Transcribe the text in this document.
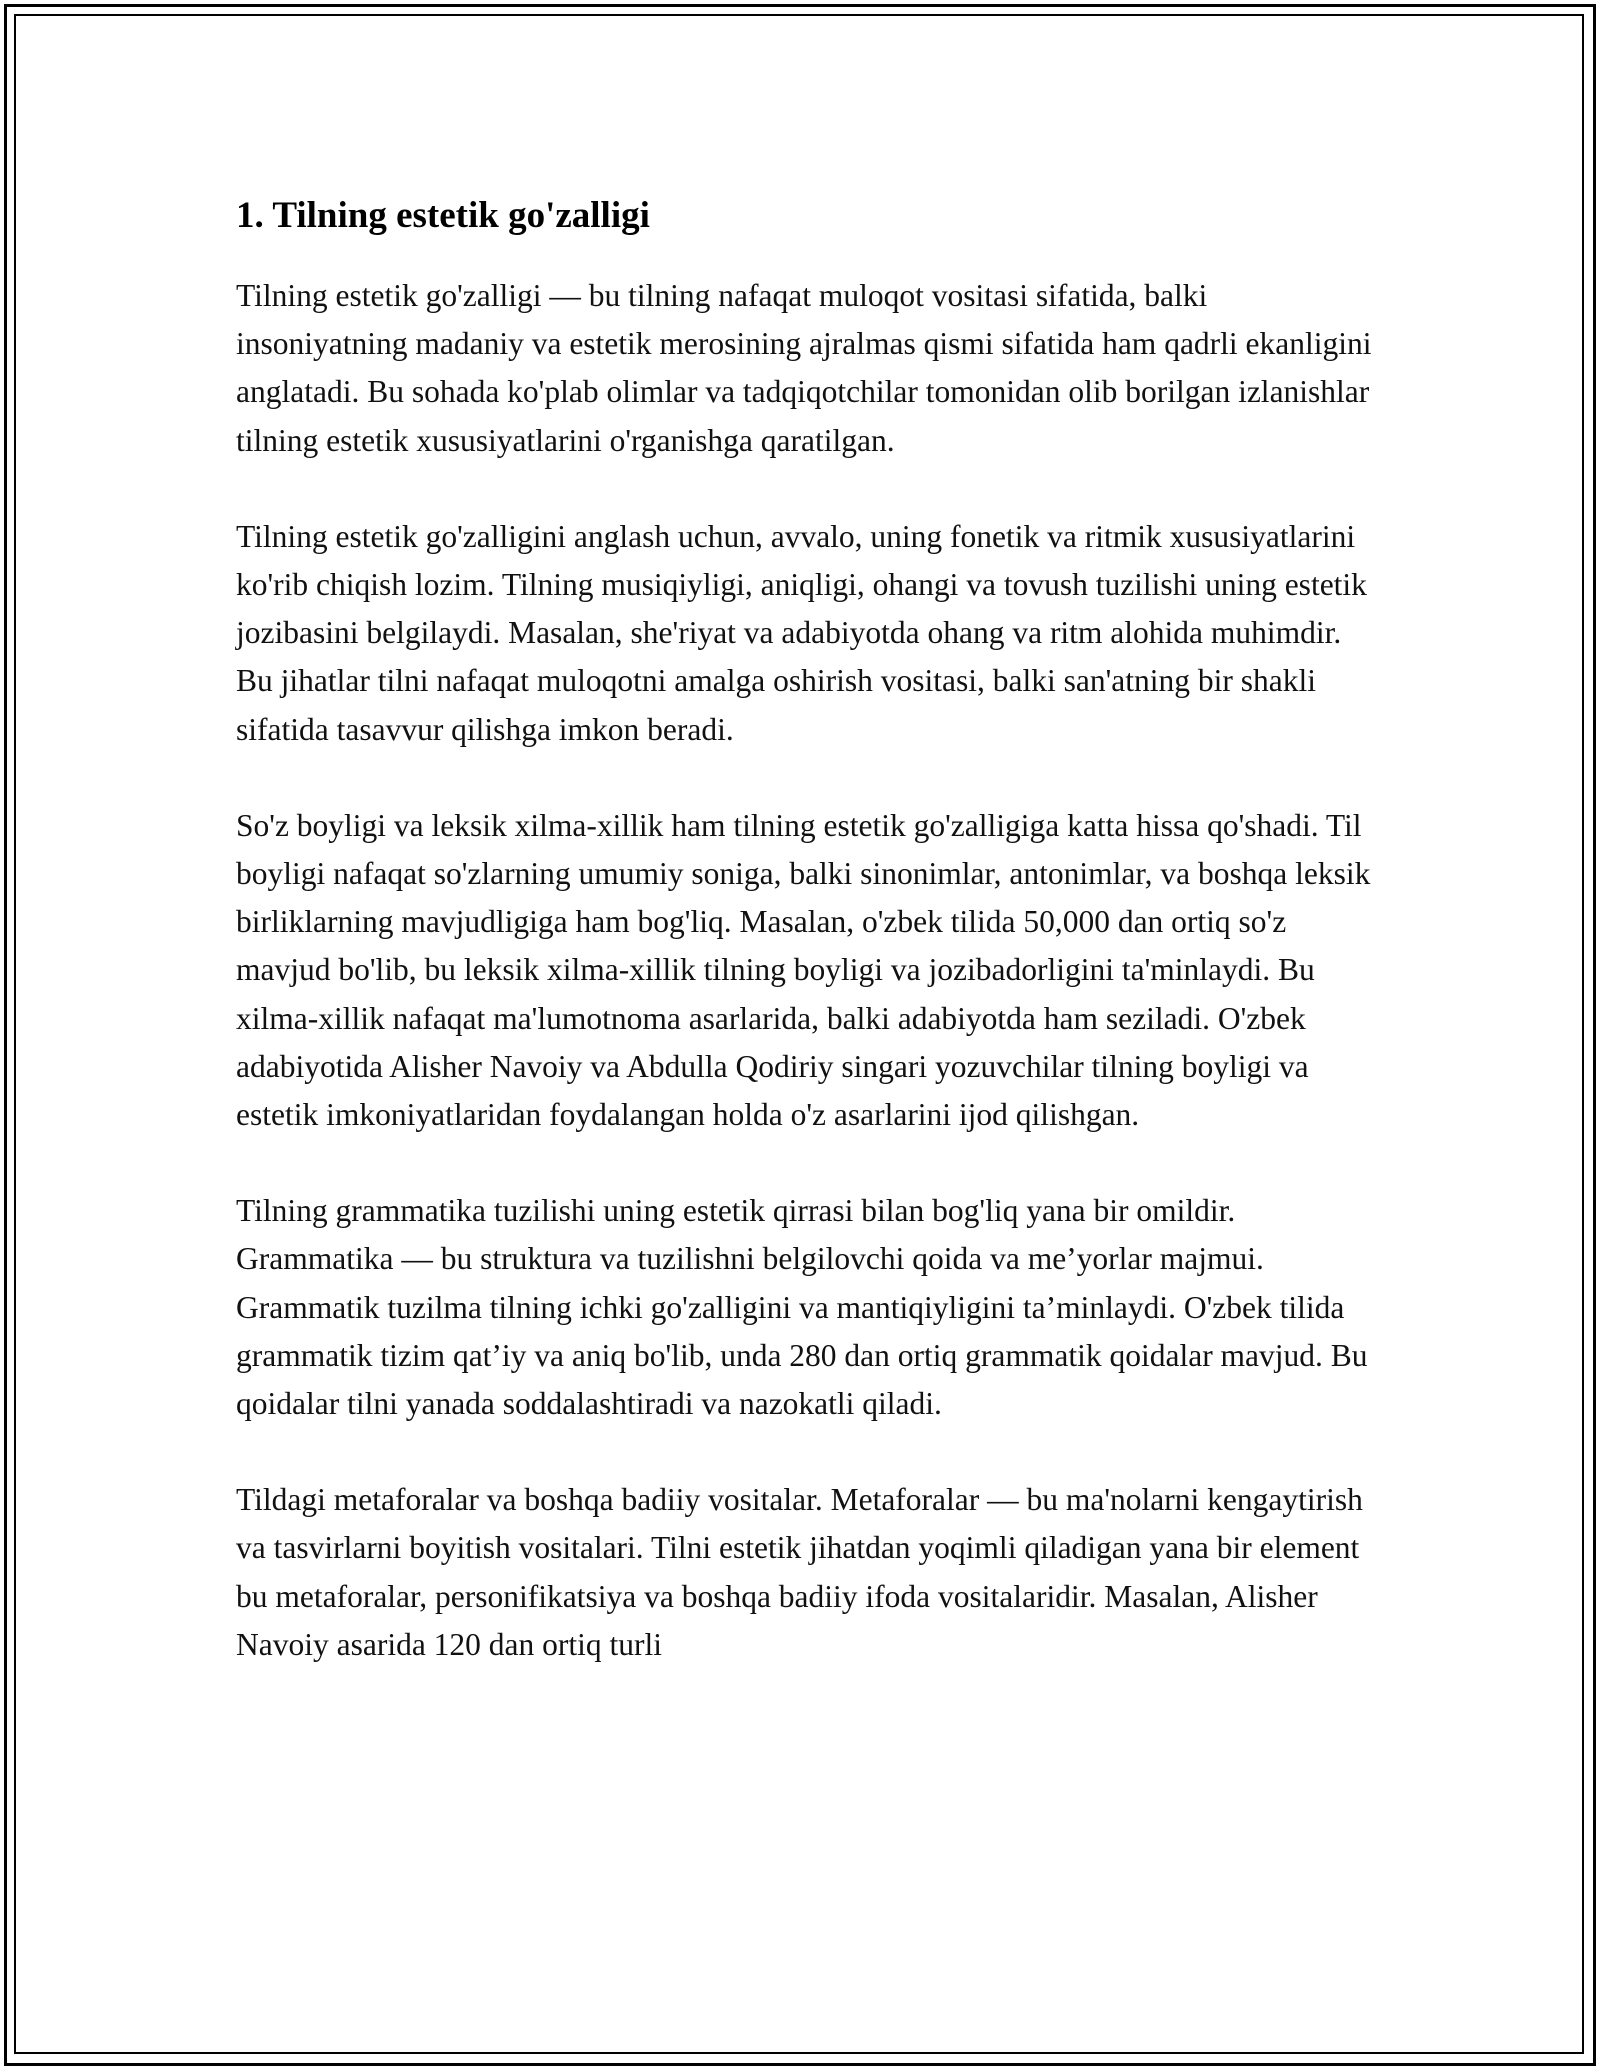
1. Tilning estetik go'zalligi

Tilning estetik go'zalligi — bu tilning nafaqat muloqot vositasi sifatida, balki insoniyatning madaniy va estetik merosining ajralmas qismi sifatida ham qadrli ekanligini anglatadi. Bu sohada ko'plab olimlar va tadqiqotchilar tomonidan olib borilgan izlanishlar tilning estetik xususiyatlarini o'rganishga qaratilgan.

Tilning estetik go'zalligini anglash uchun, avvalo, uning fonetik va ritmik xususiyatlarini ko'rib chiqish lozim. Tilning musiqiyligi, aniqligi, ohangi va tovush tuzilishi uning estetik jozibasini belgilaydi. Masalan, she'riyat va adabiyotda ohang va ritm alohida muhimdir. Bu jihatlar tilni nafaqat muloqotni amalga oshirish vositasi, balki san'atning bir shakli sifatida tasavvur qilishga imkon beradi.

So'z boyligi va leksik xilma-xillik ham tilning estetik go'zalligiga katta hissa qo'shadi. Til boyligi nafaqat so'zlarning umumiy soniga, balki sinonimlar, antonimlar, va boshqa leksik birliklarning mavjudligiga ham bog'liq. Masalan, o'zbek tilida 50,000 dan ortiq so'z mavjud bo'lib, bu leksik xilma-xillik tilning boyligi va jozibadorligini ta'minlaydi. Bu xilma-xillik nafaqat ma'lumotnoma asarlarida, balki adabiyotda ham seziladi. O'zbek adabiyotida Alisher Navoiy va Abdulla Qodiriy singari yozuvchilar tilning boyligi va estetik imkoniyatlaridan foydalangan holda o'z asarlarini ijod qilishgan.

Tilning grammatika tuzilishi uning estetik qirrasi bilan bog'liq yana bir omildir. Grammatika — bu struktura va tuzilishni belgilovchi qoida va me’yorlar majmui. Grammatik tuzilma tilning ichki go'zalligini va mantiqiyligini ta’minlaydi. O'zbek tilida grammatik tizim qat’iy va aniq bo'lib, unda 280 dan ortiq grammatik qoidalar mavjud. Bu qoidalar tilni yanada soddalashtiradi va nazokatli qiladi.

Tildagi metaforalar va boshqa badiiy vositalar. Metaforalar — bu ma'nolarni kengaytirish va tasvirlarni boyitish vositalari. Tilni estetik jihatdan yoqimli qiladigan yana bir element bu metaforalar, personifikatsiya va boshqa badiiy ifoda vositalaridir. Masalan, Alisher Navoiy asarida 120 dan ortiq turli
